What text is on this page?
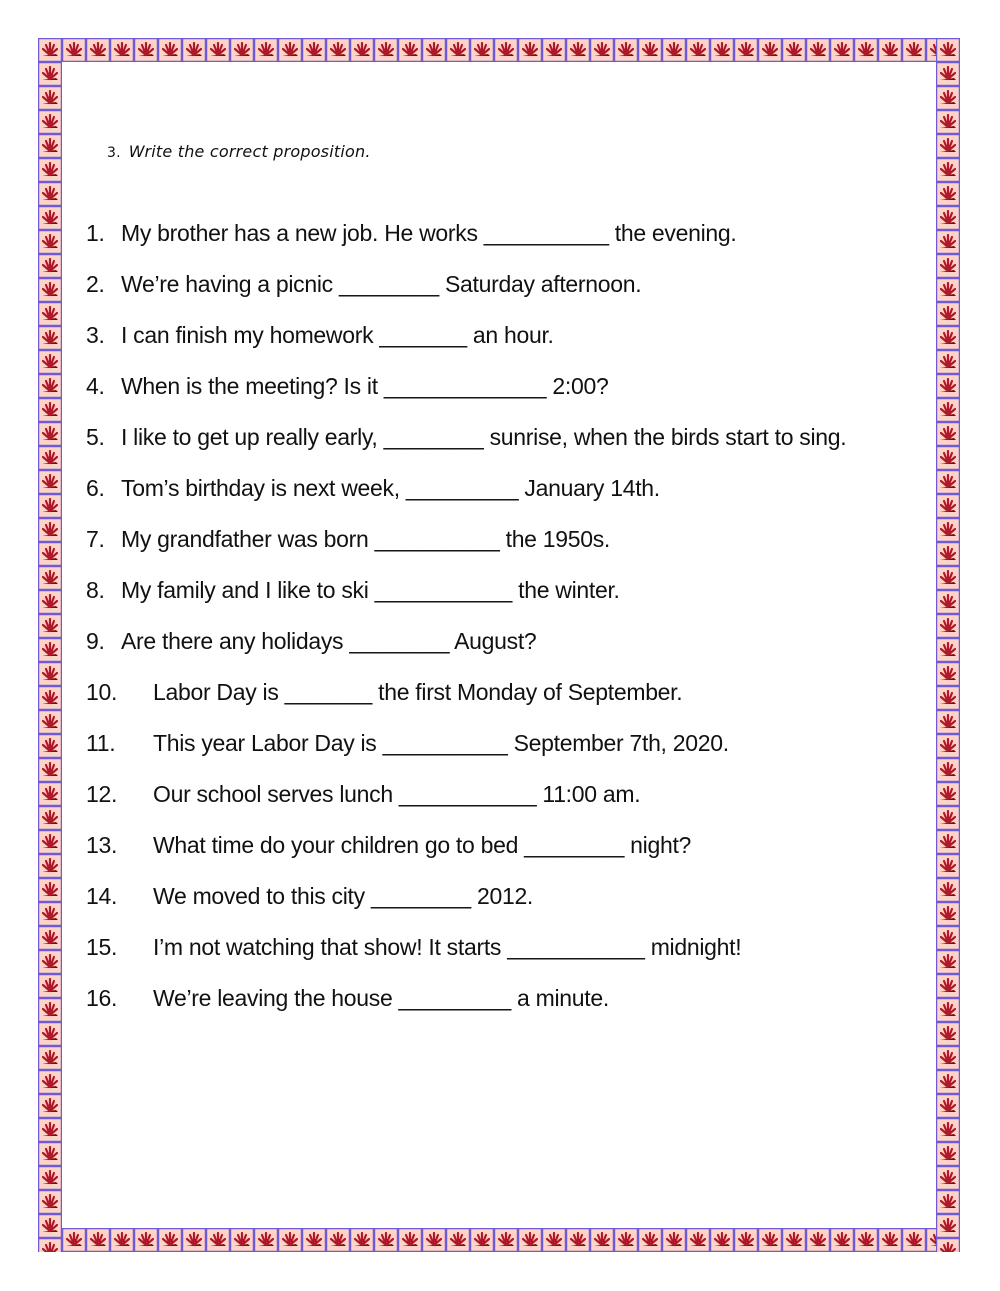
3. Write the correct proposition.
1. My brother has a new job. He works __________ the evening.
2. We’re having a picnic ________ Saturday afternoon.
3. I can finish my homework _______ an hour.
4. When is the meeting? Is it _____________ 2:00?
5. I like to get up really early, ________ sunrise, when the birds start to sing.
6. Tom’s birthday is next week, _________ January 14th.
7. My grandfather was born __________ the 1950s.
8. My family and I like to ski ___________ the winter.
9. Are there any holidays ________ August?
10.	Labor Day is _______ the first Monday of September.
11.	This year Labor Day is __________ September 7th, 2020.
12.	Our school serves lunch ___________ 11:00 am.
13.	What time do your children go to bed ________ night?
14.	We moved to this city ________ 2012.
15.	I’m not watching that show! It starts ___________ midnight!
16.	We’re leaving the house _________ a minute.
